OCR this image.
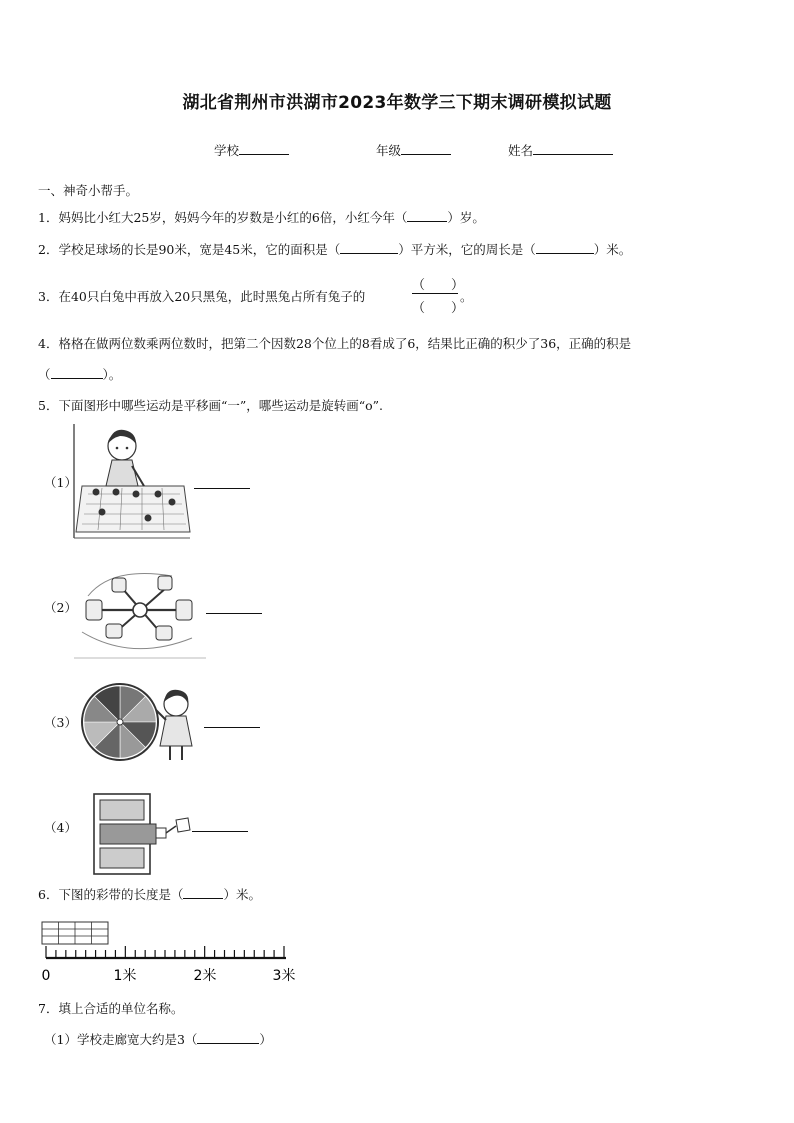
湖北省荆州市洪湖市2023年数学三下期末调研模拟试题
学校	年级	姓名
一、神奇小帮手。
1．妈妈比小红大25岁，妈妈今年的岁数是小红的6倍，小红今年（	）岁。
2．学校足球场的长是90米，宽是45米，它的面积是（	）平方米，它的周长是（	）米。
3．在40只白兔中再放入20只黑兔，此时黑兔占所有兔子的
（　　）
（　　）
。
4．格格在做两位数乘两位数时，把第二个因数28个位上的8看成了6，结果比正确的积少了36，正确的积是
（	）。
5．下面图形中哪些运动是平移画“一”，哪些运动是旋转画“o”.
（1）
（2）
（3）
（4）
6．下图的彩带的长度是（	）米。
0	1米	2米	3米
7．填上合适的单位名称。
（1）学校走廊宽大约是3（	）
